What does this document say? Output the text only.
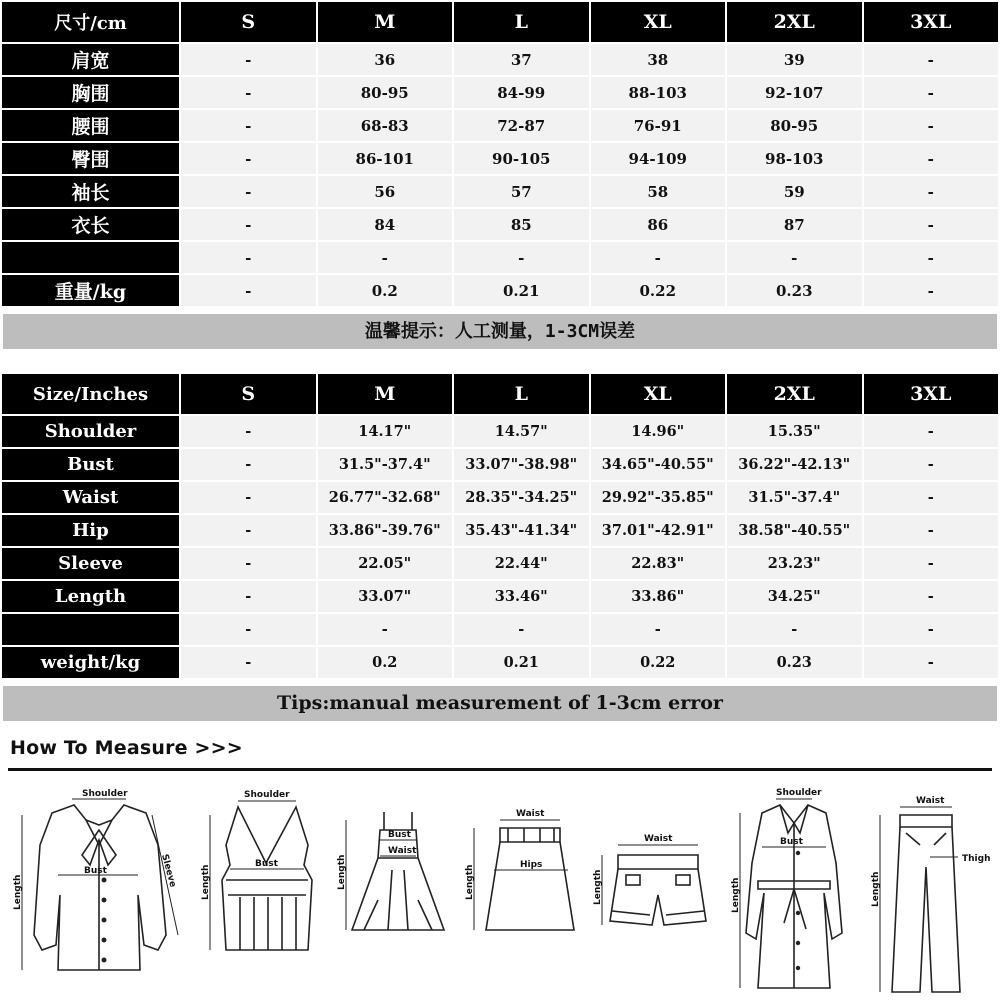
尺寸/cm	S	M	L	XL	2XL	3XL
肩宽	-	36	37	38	39	-
胸围	-	80-95	84-99	88-103	92-107	-
腰围	-	68-83	72-87	76-91	80-95	-
臀围	-	86-101	90-105	94-109	98-103	-
袖长	-	56	57	58	59	-
衣长	-	84	85	86	87	-
	-	-	-	-	-	-
重量/kg	-	0.2	0.21	0.22	0.23	-
温馨提示：人工测量，1-3CM误差
Size/Inches	S	M	L	XL	2XL	3XL
Shoulder	-	14.17"	14.57"	14.96"	15.35"	-
Bust	-	31.5"-37.4"	33.07"-38.98"	34.65"-40.55"	36.22"-42.13"	-
Waist	-	26.77"-32.68"	28.35"-34.25"	29.92"-35.85"	31.5"-37.4"	-
Hip	-	33.86"-39.76"	35.43"-41.34"	37.01"-42.91"	38.58"-40.55"	-
Sleeve	-	22.05"	22.44"	22.83"	23.23"	-
Length	-	33.07"	33.46"	33.86"	34.25"	-
	-	-	-	-	-	-
weight/kg	-	0.2	0.21	0.22	0.23	-
Tips:manual measurement of 1-3cm error
How To Measure >>>
Shoulder
Bust
Length
Sleeve
Shoulder
Bust
Length
Bust
Waist
Length
Waist
Hips
Length
Waist
Length
Shoulder
Bust
Length
Waist
Thigh
Length
